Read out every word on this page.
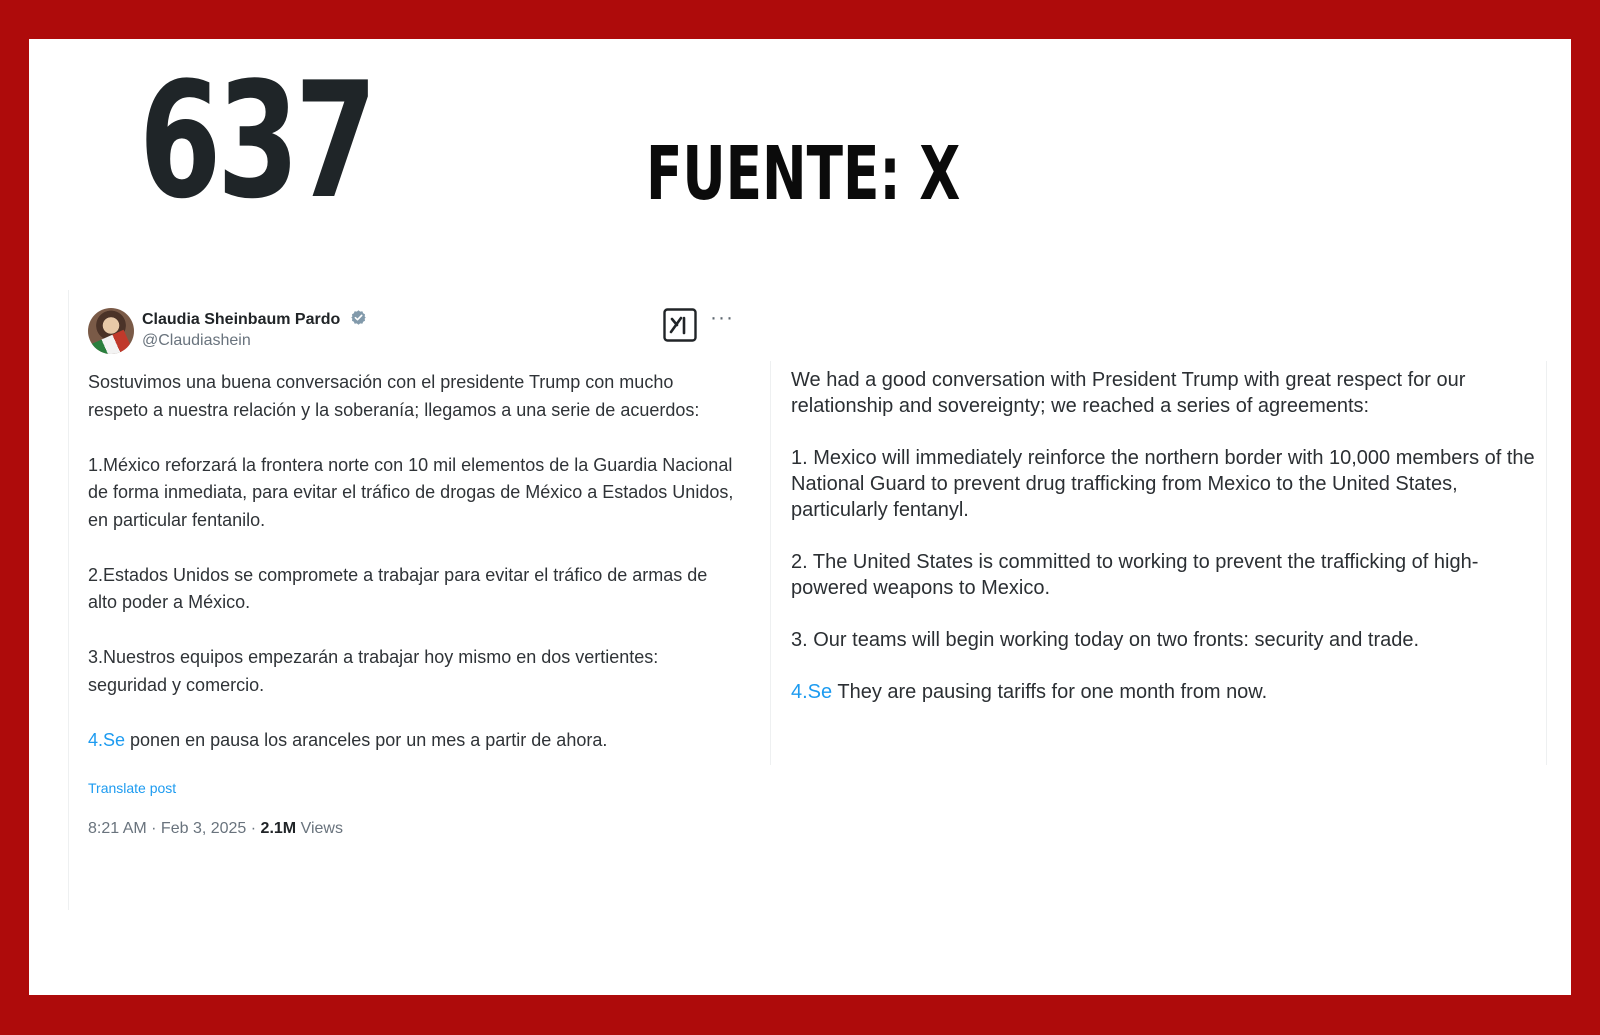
637	FUENTE: X
Claudia Sheinbaum Pardo
@Claudiashein
···

Sostuvimos una buena conversación con el presidente Trump con mucho respeto a nuestra relación y la soberanía; llegamos a una serie de acuerdos:

1.México reforzará la frontera norte con 10 mil elementos de la Guardia Nacional de forma inmediata, para evitar el tráfico de drogas de México a Estados Unidos, en particular fentanilo.

2.Estados Unidos se compromete a trabajar para evitar el tráfico de armas de alto poder a México.

3.Nuestros equipos empezarán a trabajar hoy mismo en dos vertientes: seguridad y comercio.

4.Se ponen en pausa los aranceles por un mes a partir de ahora.

Translate post
8:21 AM · Feb 3, 2025 · 2.1M Views

We had a good conversation with President Trump with great respect for our relationship and sovereignty; we reached a series of agreements:

1. Mexico will immediately reinforce the northern border with 10,000 members of the National Guard to prevent drug trafficking from Mexico to the United States, particularly fentanyl.

2. The United States is committed to working to prevent the trafficking of high-powered weapons to Mexico.

3. Our teams will begin working today on two fronts: security and trade.

4.Se They are pausing tariffs for one month from now.
